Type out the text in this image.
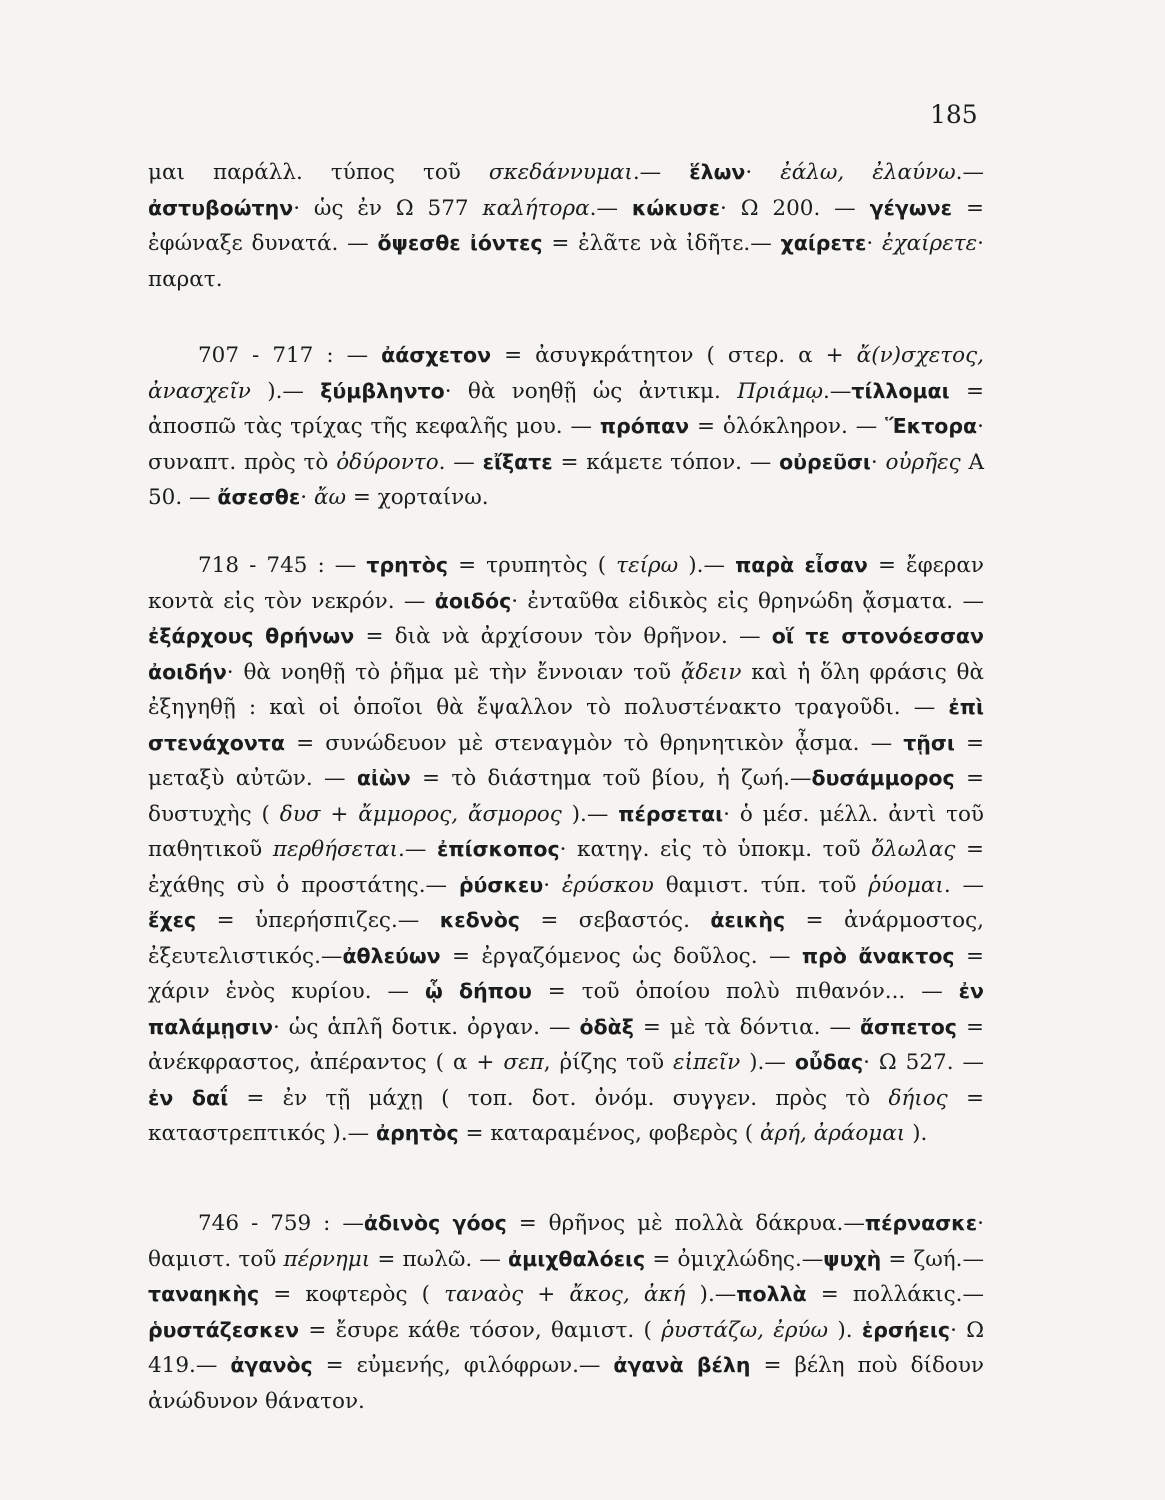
185

μαι παράλλ. τύπος τοῦ σκεδάννυμαι.— ἕλων· ἐάλω, ἐλαύνω.—ἀστυβοώτην· ὡς ἐν Ω 577 καλήτορα.— κώκυσε· Ω 200. — γέγωνε = ἐφώναξε δυνατά. — ὄψεσθε ἰόντες = ἐλᾶτε νὰ ἰδῆτε.— χαίρετε· ἐχαίρετε· παρατ.

707 - 717 : — ἀάσχετον = ἀσυγκράτητον ( στερ. α + ἄ(ν)σχετος, ἀνασχεῖν ).— ξύμβληντο· θὰ νοηθῇ ὡς ἀντικμ. Πριάμῳ.—τίλλομαι = ἀποσπῶ τὰς τρίχας τῆς κεφαλῆς μου. — πρόπαν = ὁλόκληρον. — Ἕκτορα· συναπτ. πρὸς τὸ ὀδύροντο. — εἴξατε = κάμετε τόπον. — οὐρεῦσι· οὐρῆες Α 50. — ἄσεσθε· ἄω = χορταίνω.

718 - 745 : — τρητὸς = τρυπητὸς ( τείρω ).— παρὰ εἶσαν = ἔφεραν κοντὰ εἰς τὸν νεκρόν. — ἀοιδός· ἐνταῦθα εἰδικὸς εἰς θρηνώδη ᾄσματα. — ἐξάρχους θρήνων = διὰ νὰ ἀρχίσουν τὸν θρῆνον. — οἵ τε στονόεσσαν ἀοιδήν· θὰ νοηθῇ τὸ ῥῆμα μὲ τὴν ἔννοιαν τοῦ ᾄδειν καὶ ἡ ὅλη φράσις θὰ ἐξηγηθῇ : καὶ οἱ ὁποῖοι θὰ ἔψαλλον τὸ πολυστένακτο τραγοῦδι. — ἐπὶ στενάχοντα = συνώδευον μὲ στεναγμὸν τὸ θρηνητικὸν ᾆσμα. — τῇσι = μεταξὺ αὐτῶν. — αἰὼν = τὸ διάστημα τοῦ βίου, ἡ ζωή.—δυσάμμορος = δυστυχὴς ( δυσ + ἄμμορος, ἄσμορος ).— πέρσεται· ὁ μέσ. μέλλ. ἀντὶ τοῦ παθητικοῦ περθήσεται.— ἐπίσκοπος· κατηγ. εἰς τὸ ὑποκμ. τοῦ ὄλωλας = ἐχάθης σὺ ὁ προστάτης.— ῥύσκευ· ἐρύσκου θαμιστ. τύπ. τοῦ ῥύομαι. — ἔχες = ὑπερήσπιζες.— κεδνὸς = σεβαστός. ἀεικὴς = ἀνάρμοστος, ἐξευτελιστικός.—ἀθλεύων = ἐργαζόμενος ὡς δοῦλος. — πρὸ ἄνακτος = χάριν ἑνὸς κυρίου. — ᾧ δήπου = τοῦ ὁποίου πολὺ πιθανόν... — ἐν παλάμῃσιν· ὡς ἁπλῆ δοτικ. ὀργαν. — ὀδὰξ = μὲ τὰ δόντια. — ἄσπετος = ἀνέκφραστος, ἀπέραντος ( α + σεπ, ῥίζης τοῦ εἰπεῖν ).— οὖδας· Ω 527. — ἐν δαΐ = ἐν τῇ μάχῃ ( τοπ. δοτ. ὀνόμ. συγγεν. πρὸς τὸ δήιος = καταστρεπτικός ).— ἀρητὸς = καταραμένος, φοβερὸς ( ἀρή, ἀράομαι ).

746 - 759 : —ἀδινὸς γόος = θρῆνος μὲ πολλὰ δάκρυα.—πέρνασκε· θαμιστ. τοῦ πέρνημι = πωλῶ. — ἀμιχθαλόεις = ὀμιχλώδης.—ψυχὴ = ζωή.— ταναηκὴς = κοφτερὸς ( ταναὸς + ἄκος, ἀκή ).—πολλὰ = πολλάκις.— ῥυστάζεσκεν = ἔσυρε κάθε τόσον, θαμιστ. ( ῥυστάζω, ἐρύω ). ἑρσήεις· Ω 419.— ἀγανὸς = εὐμενής, φιλόφρων.— ἀγανὰ βέλη = βέλη ποὺ δίδουν ἀνώδυνον θάνατον.
